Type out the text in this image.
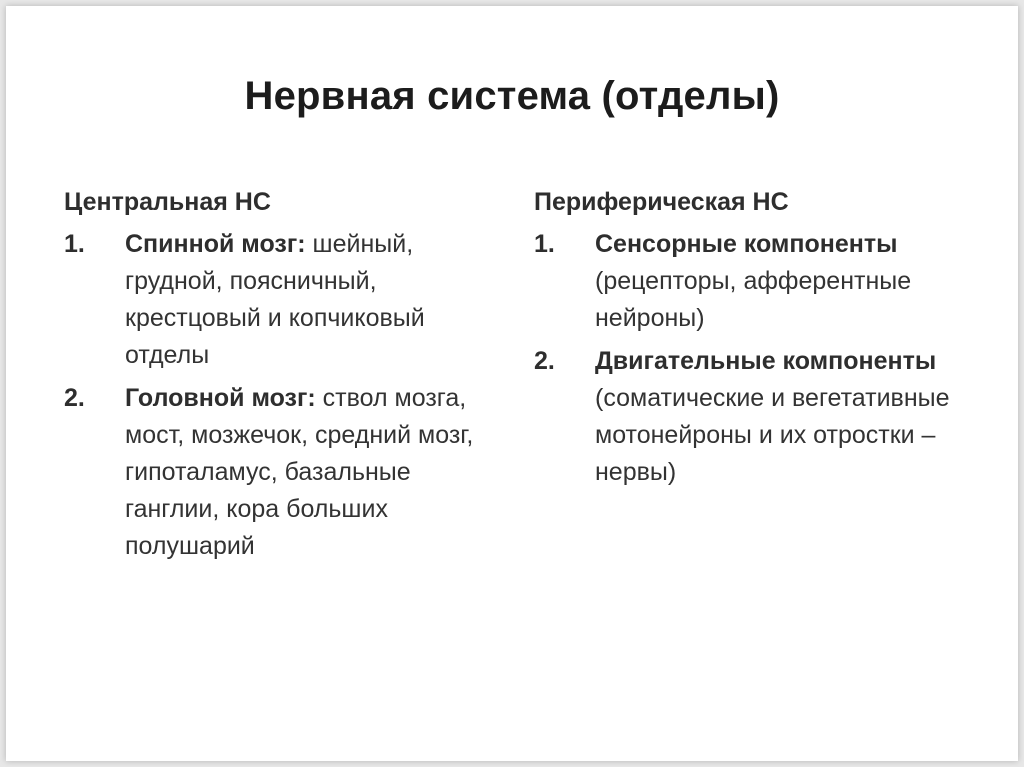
Нервная система (отделы)
Центральная НС
1. Спинной мозг: шейный, грудной, поясничный, крестцовый и копчиковый отделы
2. Головной мозг: ствол мозга, мост, мозжечок, средний мозг, гипоталамус, базальные ганглии, кора больших полушарий
Периферическая НС
1. Сенсорные компоненты (рецепторы, афферентные нейроны)
2. Двигательные компоненты (соматические и вегетативные мотонейроны и их отростки – нервы)
